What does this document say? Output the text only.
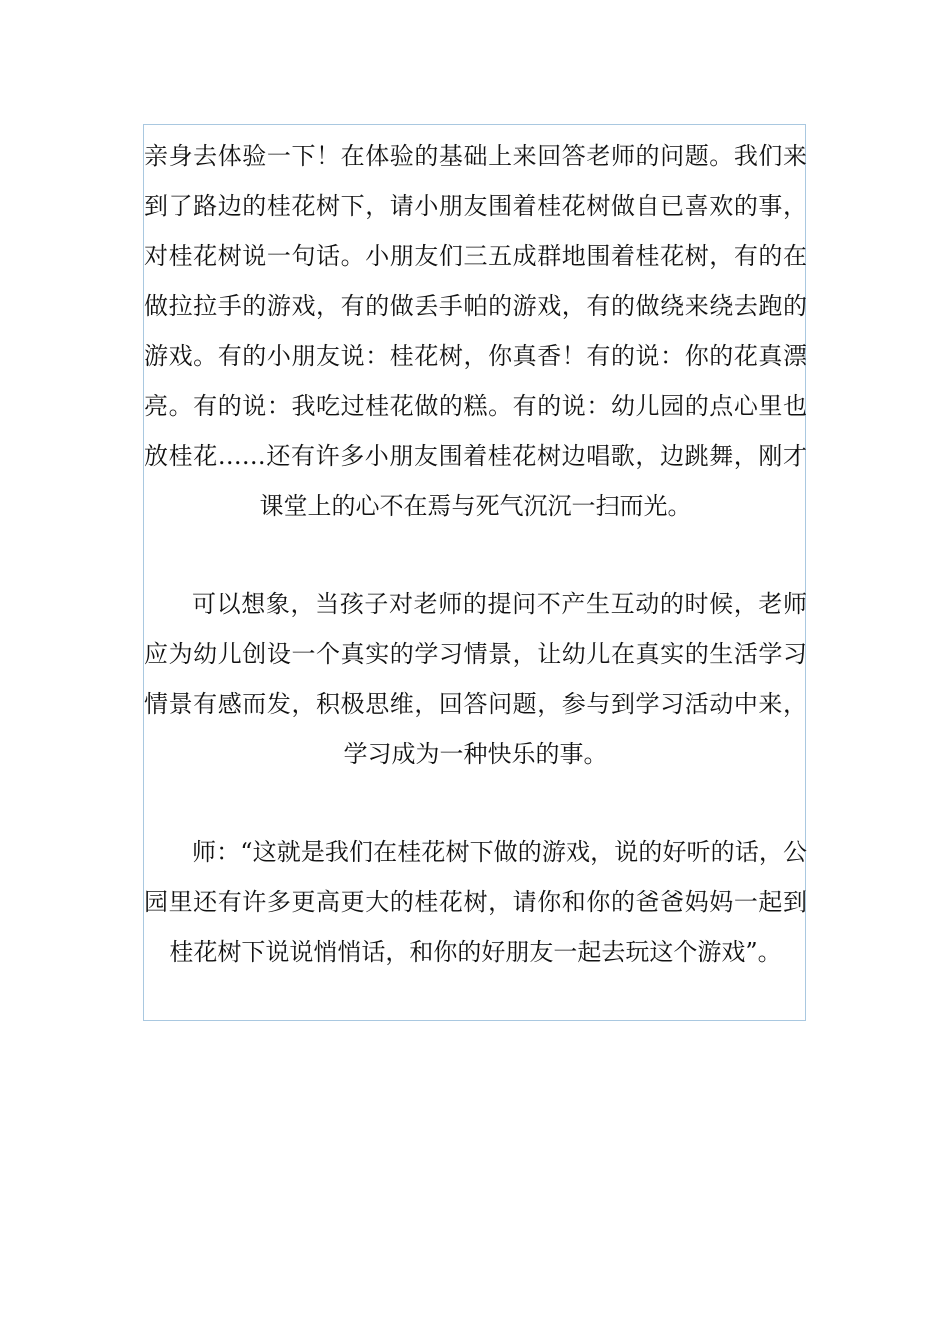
亲身去体验一下！在体验的基础上来回答老师的问题。我们来到了路边的桂花树下，请小朋友围着桂花树做自已喜欢的事，对桂花树说一句话。小朋友们三五成群地围着桂花树，有的在做拉拉手的游戏，有的做丢手帕的游戏，有的做绕来绕去跑的游戏。有的小朋友说：桂花树，你真香！有的说：你的花真漂亮。有的说：我吃过桂花做的糕。有的说：幼儿园的点心里也放桂花……还有许多小朋友围着桂花树边唱歌，边跳舞，刚才课堂上的心不在焉与死气沉沉一扫而光。

可以想象，当孩子对老师的提问不产生互动的时候，老师应为幼儿创设一个真实的学习情景，让幼儿在真实的生活学习情景有感而发，积极思维，回答问题，参与到学习活动中来，学习成为一种快乐的事。

师：“这就是我们在桂花树下做的游戏，说的好听的话，公园里还有许多更高更大的桂花树，请你和你的爸爸妈妈一起到桂花树下说说悄悄话，和你的好朋友一起去玩这个游戏”。
